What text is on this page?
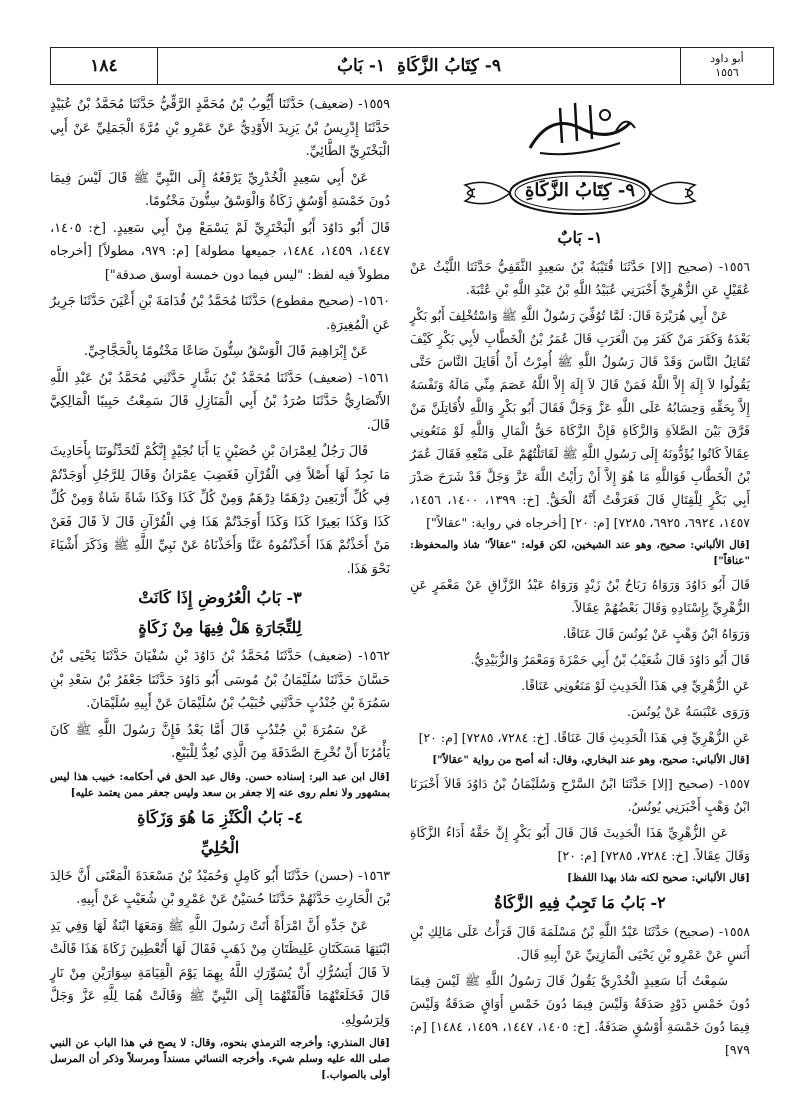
أبو داود
١٥٥٦
٩- كِتَابُ الزَّكَاةِ
١- بَابٌ
١٨٤
٩- كِتَابُ الزَّكَاةِ

١- بَابٌ

١٥٥٦- (صحيح [إلا] حَدَّثَنَا قُتَيْبَةُ بْنُ سَعِيدٍ الثَّقَفِيُّ حَدَّثَنَا اللَّيْثُ عَنْ عُقَيْلٍ عَنِ الزُّهْرِيِّ أَخْبَرَنِي عُبَيْدُ اللَّهِ بْنُ عَبْدِ اللَّهِ بْنِ عُتْبَةَ.

عَنْ أَبِي هُرَيْرَةَ قَالَ: لَمَّا تُوُفِّيَ رَسُولُ اللَّهِ ﷺ وَاسْتُخْلِفَ أَبُو بَكْرٍ بَعْدَهُ وَكَفَرَ مَنْ كَفَرَ مِنَ الْعَرَبِ قَالَ عُمَرُ بْنُ الْخَطَّابِ لأَبِي بَكْرٍ كَيْفَ تُقَاتِلُ النَّاسَ وَقَدْ قَالَ رَسُولُ اللَّهِ ﷺ أُمِرْتُ أَنْ أُقَاتِلَ النَّاسَ حَتَّى يَقُولُوا لاَ إِلَهَ إِلاَّ اللَّهُ فَمَنْ قَالَ لاَ إِلَهَ إِلاَّ اللَّهُ عَصَمَ مِنِّي مَالَهُ وَنَفْسَهُ إِلاَّ بِحَقِّهِ وَحِسَابُهُ عَلَى اللَّهِ عَزَّ وَجَلَّ فَقَالَ أَبُو بَكْرٍ وَاللَّهِ لأُقَاتِلَنَّ مَنْ فَرَّقَ بَيْنَ الصَّلاَةِ وَالزَّكَاةِ فَإِنَّ الزَّكَاةَ حَقُّ الْمَالِ وَاللَّهِ لَوْ مَنَعُونِي عِقَالاً كَانُوا يُؤَدُّونَهُ إِلَى رَسُولِ اللَّهِ ﷺ لَقَاتَلْتُهُمْ عَلَى مَنْعِهِ فَقَالَ عُمَرُ بْنُ الْخَطَّابِ فَوَاللَّهِ مَا هُوَ إِلاَّ أَنْ رَأَيْتُ اللَّهَ عَزَّ وَجَلَّ قَدْ شَرَحَ صَدْرَ أَبِي بَكْرٍ لِلْقِتَالِ قَالَ فَعَرَفْتُ أَنَّهُ الْحَقُّ. [خ: ١٣٩٩، ١٤٠٠، ١٤٥٦، ١٤٥٧، ٦٩٢٤، ٦٩٢٥، ٧٢٨٥] [م: ٢٠] [أخرجاه في رواية: "عقالاً"]

[قال الألباني: صحيح، وهو عند الشيخين، لكن قوله: "عقالاً" شاذ والمحفوظ: "عناقاً"]

قَالَ أَبُو دَاوُدَ وَرَوَاهُ رَبَاحُ بْنُ زَيْدٍ وَرَوَاهُ عَبْدُ الرَّزَّاقِ عَنْ مَعْمَرٍ عَنِ الزُّهْرِيِّ بِإِسْنَادِهِ وَقَالَ بَعْضُهُمْ عِقَالاً.

وَرَوَاهُ ابْنُ وَهْبٍ عَنْ يُونُسَ قَالَ عَنَاقًا.

قَالَ أَبُو دَاوُدَ قَالَ شُعَيْبُ بْنُ أَبِي حَمْزَةَ وَمَعْمَرٌ وَالزُّبَيْدِيُّ.

عَنِ الزُّهْرِيِّ فِي هَذَا الْحَدِيثِ لَوْ مَنَعُونِي عَنَاقًا.

وَرَوَى عَنْبَسَةُ عَنْ يُونُسَ.

عَنِ الزُّهْرِيِّ فِي هَذَا الْحَدِيثِ قَالَ عَنَاقًا. [خ: ٧٢٨٤، ٧٢٨٥] [م: ٢٠]

[قال الألباني: صحيح، وهو عند البخاري، وقال: أنه أصح من رواية "عقالاً"]

١٥٥٧- (صحيح [إلا] حَدَّثَنَا ابْنُ السَّرْحِ وَسُلَيْمَانُ بْنُ دَاوُدَ قَالاَ أَخْبَرَنَا ابْنُ وَهْبٍ أَخْبَرَنِي يُونُسُ.

عَنِ الزُّهْرِيِّ هَذَا الْحَدِيثَ قَالَ قَالَ أَبُو بَكْرٍ إِنَّ حَقَّهُ أَدَاءُ الزَّكَاةِ وَقَالَ عِقَالاً. [خ: ٧٢٨٤، ٧٢٨٥] [م: ٢٠]

[قال الألباني: صحيح لكنه شاذ بهذا اللفظ]

٢- بَابُ مَا تَجِبُ فِيهِ الزَّكَاةُ

١٥٥٨- (صحيح) حَدَّثَنَا عَبْدُ اللَّهِ بْنُ مَسْلَمَةَ قَالَ قَرَأْتُ عَلَى مَالِكِ بْنِ أَنَسٍ عَنْ عَمْرِو بْنِ يَحْيَى الْمَازِنِيِّ عَنْ أَبِيهِ قَالَ.

سَمِعْتُ أَبَا سَعِيدٍ الْخُدْرِيَّ يَقُولُ قَالَ رَسُولُ اللَّهِ ﷺ لَيْسَ فِيمَا دُونَ خَمْسِ ذَوْدٍ صَدَقَةٌ وَلَيْسَ فِيمَا دُونَ خَمْسِ أَوَاقٍ صَدَقَةٌ وَلَيْسَ فِيمَا دُونَ خَمْسَةِ أَوْسُقٍ صَدَقَةٌ. [خ: ١٤٠٥، ١٤٤٧، ١٤٥٩، ١٤٨٤] [م: ٩٧٩]

١٥٥٩- (ضعيف) حَدَّثَنَا أَيُّوبُ بْنُ مُحَمَّدٍ الرَّقِّيُّ حَدَّثَنَا مُحَمَّدُ بْنُ عُبَيْدٍ حَدَّثَنَا إِدْرِيسُ بْنُ يَزِيدَ الأَوْدِيُّ عَنْ عَمْرِو بْنِ مُرَّةَ الْجَمَلِيِّ عَنْ أَبِي الْبَخْتَرِيِّ الطَّائِيِّ.

عَنْ أَبِي سَعِيدٍ الْخُدْرِيِّ يَرْفَعُهُ إِلَى النَّبِيِّ ﷺ قَالَ لَيْسَ فِيمَا دُونَ خَمْسَةِ أَوْسُقٍ زَكَاةٌ وَالْوَسْقُ سِتُّونَ مَخْتُومًا.

قَالَ أَبُو دَاوُدَ أَبُو الْبَخْتَرِيِّ لَمْ يَسْمَعْ مِنْ أَبِي سَعِيدٍ. [خ: ١٤٠٥، ١٤٤٧، ١٤٥٩، ١٤٨٤، جميعها مطولة] [م: ٩٧٩، مطولاً] [أخرجاه مطولاً فيه لفظ: "ليس فيما دون خمسة أوسق صدقة"]

١٥٦٠- (صحيح مقطوع) حَدَّثَنَا مُحَمَّدُ بْنُ قُدَامَةَ بْنِ أَعْيَنَ حَدَّثَنَا جَرِيرٌ عَنِ الْمُغِيرَةِ.

عَنْ إِبْرَاهِيمَ قَالَ الْوَسْقُ سِتُّونَ صَاعًا مَخْتُومًا بِالْحَجَّاجِيِّ.

١٥٦١- (ضعيف) حَدَّثَنَا مُحَمَّدُ بْنُ بَشَّارٍ حَدَّثَنِي مُحَمَّدُ بْنُ عَبْدِ اللَّهِ الأَنْصَارِيُّ حَدَّثَنَا صُرَدُ بْنُ أَبِي الْمَنَازِلِ قَالَ سَمِعْتُ حَبِيبًا الْمَالِكِيَّ قَالَ.

قَالَ رَجُلٌ لِعِمْرَانَ بْنِ حُصَيْنٍ يَا أَبَا نُجَيْدٍ إِنَّكُمْ لَتُحَدِّثُونَنَا بِأَحَادِيثَ مَا نَجِدُ لَهَا أَصْلاً فِي الْقُرْآنِ فَغَضِبَ عِمْرَانُ وَقَالَ لِلرَّجُلِ أَوَجَدْتُمْ فِي كُلِّ أَرْبَعِينَ دِرْهَمًا دِرْهَمٌ وَمِنْ كُلِّ كَذَا وَكَذَا شَاةً شَاةٌ وَمِنْ كُلِّ كَذَا وَكَذَا بَعِيرًا كَذَا وَكَذَا أَوَجَدْتُمْ هَذَا فِي الْقُرْآنِ قَالَ لاَ قَالَ فَعَنْ مَنْ أَخَذْتُمْ هَذَا أَخَذْتُمُوهُ عَنَّا وَأَخَذْنَاهُ عَنْ نَبِيِّ اللَّهِ ﷺ وَذَكَرَ أَشْيَاءَ نَحْوَ هَذَا.

٣- بَابُ الْعُرُوضِ إِذَا كَانَتْ

لِلتِّجَارَةِ هَلْ فِيهَا مِنْ زَكَاةٍ

١٥٦٢- (ضعيف) حَدَّثَنَا مُحَمَّدُ بْنُ دَاوُدَ بْنِ سُفْيَانَ حَدَّثَنَا يَحْيَى بْنُ حَسَّانَ حَدَّثَنَا سُلَيْمَانُ بْنُ مُوسَى أَبُو دَاوُدَ حَدَّثَنَا جَعْفَرُ بْنُ سَعْدِ بْنِ سَمُرَةَ بْنِ جُنْدُبٍ حَدَّثَنِي خُبَيْبُ بْنُ سُلَيْمَانَ عَنْ أَبِيهِ سُلَيْمَانَ.

عَنْ سَمُرَةَ بْنِ جُنْدُبٍ قَالَ أَمَّا بَعْدُ فَإِنَّ رَسُولَ اللَّهِ ﷺ كَانَ يَأْمُرُنَا أَنْ نُخْرِجَ الصَّدَقَةَ مِنَ الَّذِي نُعِدُّ لِلْبَيْعِ.

[قال ابن عبد البر: إسناده حسن. وقال عبد الحق في أحكامه: خبيب هذا ليس بمشهور ولا نعلم روى عنه إلا جعفر بن سعد وليس جعفر ممن يعتمد عليه]

٤- بَابُ الْكَنْزِ مَا هُوَ وَزَكَاةِ

الْحُلِيِّ

١٥٦٣- (حسن) حَدَّثَنَا أَبُو كَامِلٍ وَحُمَيْدُ بْنُ مَسْعَدَةَ الْمَعْنَى أَنَّ خَالِدَ بْنَ الْحَارِثِ حَدَّثَهُمْ حَدَّثَنَا حُسَيْنٌ عَنْ عَمْرِو بْنِ شُعَيْبٍ عَنْ أَبِيهِ.

عَنْ جَدِّهِ أَنَّ امْرَأَةً أَتَتْ رَسُولَ اللَّهِ ﷺ وَمَعَهَا ابْنَةٌ لَهَا وَفِي يَدِ ابْنَتِهَا مَسَكَتَانِ غَلِيظَتَانِ مِنْ ذَهَبٍ فَقَالَ لَهَا أَتُعْطِينَ زَكَاةَ هَذَا قَالَتْ لاَ قَالَ أَيَسُرُّكِ أَنْ يُسَوِّرَكِ اللَّهُ بِهِمَا يَوْمَ الْقِيَامَةِ سِوَارَيْنِ مِنْ نَارٍ قَالَ فَخَلَعَتْهُمَا فَأَلْقَتْهُمَا إِلَى النَّبِيِّ ﷺ وَقَالَتْ هُمَا لِلَّهِ عَزَّ وَجَلَّ وَلِرَسُولِهِ.

[قال المنذري: وأخرجه الترمذي بنحوه، وقال: لا يصح في هذا الباب عن النبي صلى الله عليه وسلم شيء. وأخرجه النسائي مسنداً ومرسلاً وذكر أن المرسل أولى بالصواب.]
